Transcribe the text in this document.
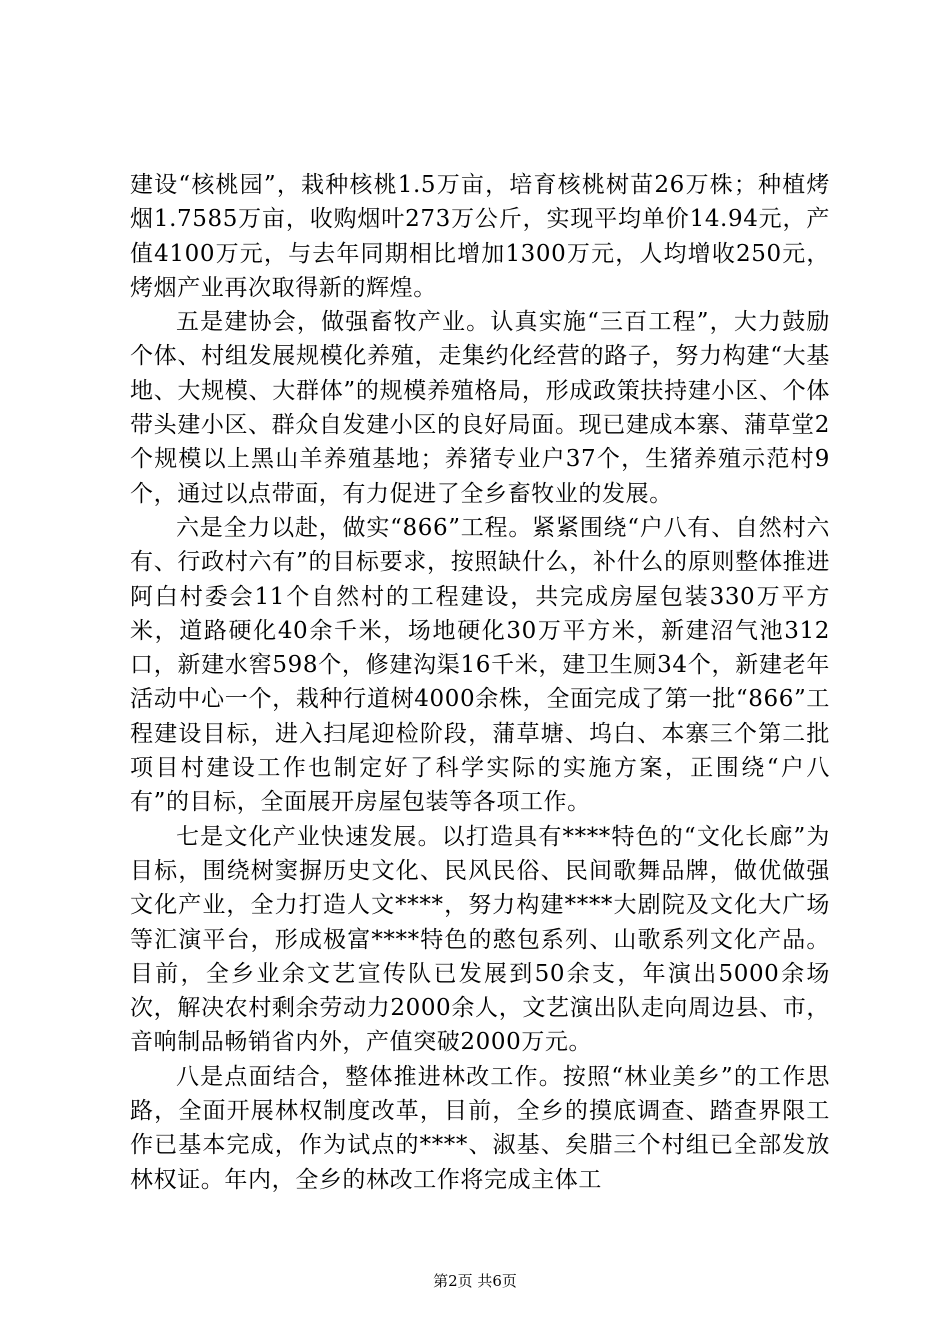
建设“核桃园”，栽种核桃1.5万亩，培育核桃树苗26万株；种植烤烟1.7585万亩，收购烟叶273万公斤，实现平均单价14.94元，产值4100万元，与去年同期相比增加1300万元，人均增收250元，烤烟产业再次取得新的辉煌。

五是建协会，做强畜牧产业。认真实施“三百工程”，大力鼓励个体、村组发展规模化养殖，走集约化经营的路子，努力构建“大基地、大规模、大群体”的规模养殖格局，形成政策扶持建小区、个体带头建小区、群众自发建小区的良好局面。现已建成本寨、蒲草堂2个规模以上黑山羊养殖基地；养猪专业户37个，生猪养殖示范村9个，通过以点带面，有力促进了全乡畜牧业的发展。

六是全力以赴，做实“866”工程。紧紧围绕“户八有、自然村六有、行政村六有”的目标要求，按照缺什么，补什么的原则整体推进阿白村委会11个自然村的工程建设，共完成房屋包装330万平方米，道路硬化40余千米，场地硬化30万平方米，新建沼气池312口，新建水窖598个，修建沟渠16千米，建卫生厕34个，新建老年活动中心一个，栽种行道树4000余株，全面完成了第一批“866”工程建设目标，进入扫尾迎检阶段，蒲草塘、坞白、本寨三个第二批项目村建设工作也制定好了科学实际的实施方案，正围绕“户八有”的目标，全面展开房屋包装等各项工作。

七是文化产业快速发展。以打造具有****特色的“文化长廊”为目标，围绕树窦摒历史文化、民风民俗、民间歌舞品牌，做优做强文化产业，全力打造人文****，努力构建****大剧院及文化大广场等汇演平台，形成极富****特色的憨包系列、山歌系列文化产品。目前，全乡业余文艺宣传队已发展到50余支，年演出5000余场次，解决农村剩余劳动力2000余人，文艺演出队走向周边县、市，音响制品畅销省内外，产值突破2000万元。

八是点面结合，整体推进林改工作。按照“林业美乡”的工作思路，全面开展林权制度改革，目前，全乡的摸底调查、踏查界限工作已基本完成，作为试点的****、淑基、矣腊三个村组已全部发放林权证。年内，全乡的林改工作将完成主体工

第2页 共6页
